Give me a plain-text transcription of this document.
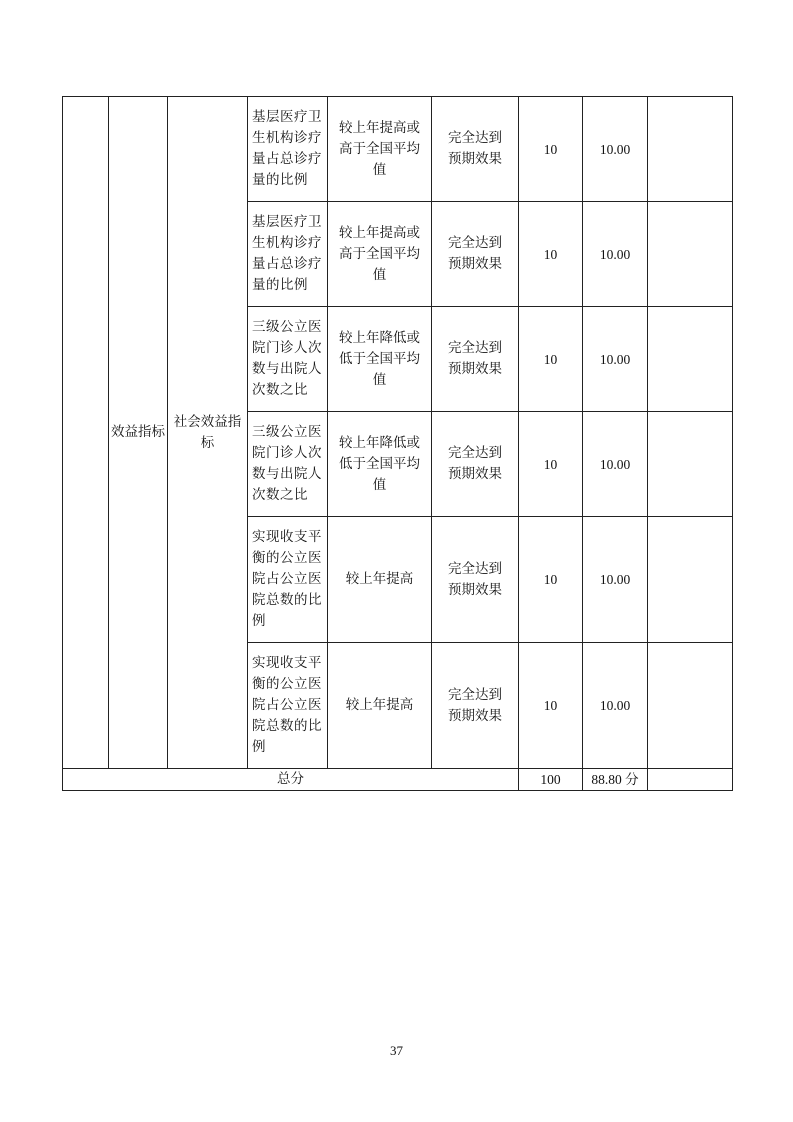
	效益指标	社会效益指标	基层医疗卫生机构诊疗量占总诊疗量的比例	较上年提高或高于全国平均值	完全达到预期效果	10	10.00	
			基层医疗卫生机构诊疗量占总诊疗量的比例	较上年提高或高于全国平均值	完全达到预期效果	10	10.00	
			三级公立医院门诊人次数与出院人次数之比	较上年降低或低于全国平均值	完全达到预期效果	10	10.00	
			三级公立医院门诊人次数与出院人次数之比	较上年降低或低于全国平均值	完全达到预期效果	10	10.00	
			实现收支平衡的公立医院占公立医院总数的比例	较上年提高	完全达到预期效果	10	10.00	
			实现收支平衡的公立医院占公立医院总数的比例	较上年提高	完全达到预期效果	10	10.00	
总分						100	88.80 分	
37
